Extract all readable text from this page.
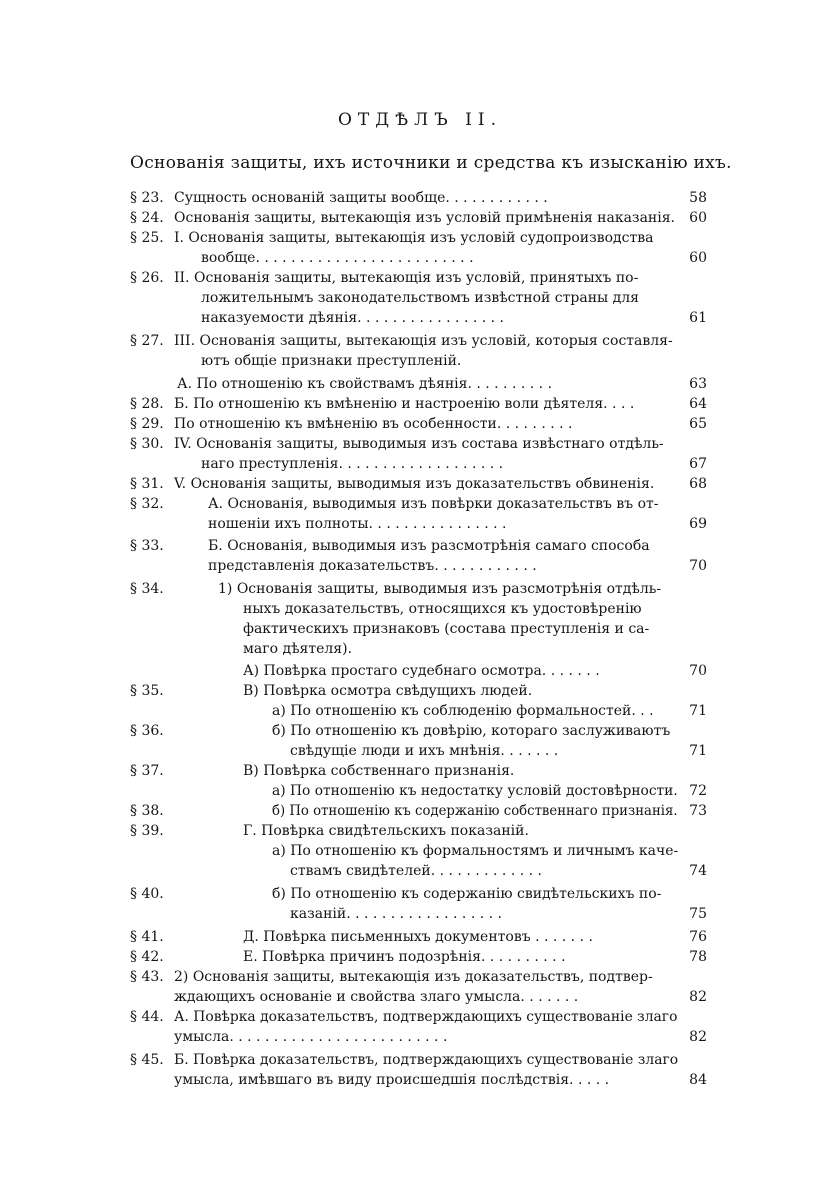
ОТДѢЛЪ II.
Основанія защиты, ихъ источники и средства къ изысканію ихъ.
§ 23. Сущность основаній защиты вообще. . . . . . . . . . . .	58
§ 24. Основанія защиты, вытекающія изъ условій примѣненія наказанія. 60
§ 25. I. Основанія защиты, вытекающія изъ условій судопроизводства
вообще. . . . . . . . . . . . . . . . . . . . . . . . .	60
§ 26. II. Основанія защиты, вытекающія изъ условій, принятыхъ по-
ложительнымъ законодательствомъ извѣстной страны для
наказуемости дѣянія. . . . . . . . . . . . . . . . .	61
§ 27. III. Основанія защиты, вытекающія изъ условій, которыя составля-
ютъ общіе признаки преступленій.
А. По отношенію къ свойствамъ дѣянія. . . . . . . . . .	63
§ 28. Б. По отношенію къ вмѣненію и настроенію воли дѣятеля. . . .	64
§ 29. По отношенію къ вмѣненію въ особенности. . . . . . . . .	65
§ 30. IV. Основанія защиты, выводимыя изъ состава извѣстнаго отдѣль-
наго преступленія. . . . . . . . . . . . . . . . . . .	67
§ 31. V. Основанія защиты, выводимыя изъ доказательствъ обвиненія. 68
§ 32.	А. Основанія, выводимыя изъ повѣрки доказательствъ въ от-
ношеніи ихъ полноты. . . . . . . . . . . . . . . .	69
§ 33.	Б. Основанія, выводимыя изъ разсмотрѣнія самаго способа
представленія доказательствъ. . . . . . . . . . . .	70
§ 34.	1) Основанія защиты, выводимыя изъ разсмотрѣнія отдѣль-
ныхъ доказательствъ, относящихся къ удостовѣренію
фактическихъ признаковъ (состава преступленія и са-
маго дѣятеля).
А) Повѣрка простаго судебнаго осмотра. . . . . . .	70
§ 35.	В) Повѣрка осмотра свѣдущихъ людей.
а) По отношенію къ соблюденію формальностей. . .	71
§ 36.	б) По отношенію къ довѣрію, котораго заслуживаютъ
свѣдущіе люди и ихъ мнѣнія. . . . . . .	71
§ 37.	В) Повѣрка собственнаго признанія.
а) По отношенію къ недостатку условій достовѣрности. 72
§ 38.	б) По отношенію къ содержанію собственнаго признанія. 73
§ 39.	Г. Повѣрка свидѣтельскихъ показаній.
а) По отношенію къ формальностямъ и личнымъ каче-
ствамъ свидѣтелей. . . . . . . . . . . . .	74
§ 40.	б) По отношенію къ содержанію свидѣтельскихъ по-
казаній. . . . . . . . . . . . . . . . . .	75
§ 41.	Д. Повѣрка письменныхъ документовъ . . . . . . .	76
§ 42.	Е. Повѣрка причинъ подозрѣнія. . . . . . . . . .	78
§ 43. 2) Основанія защиты, вытекающія изъ доказательствъ, подтвер-
ждающихъ основаніе и свойства злаго умысла. . . . . . .	82
§ 44. А. Повѣрка доказательствъ, подтверждающихъ существованіе злаго
умысла. . . . . . . . . . . . . . . . . . . . . . . . .	82
§ 45. Б. Повѣрка доказательствъ, подтверждающихъ существованіе злаго
умысла, имѣвшаго въ виду происшедшія послѣдствія. . . . .	84
